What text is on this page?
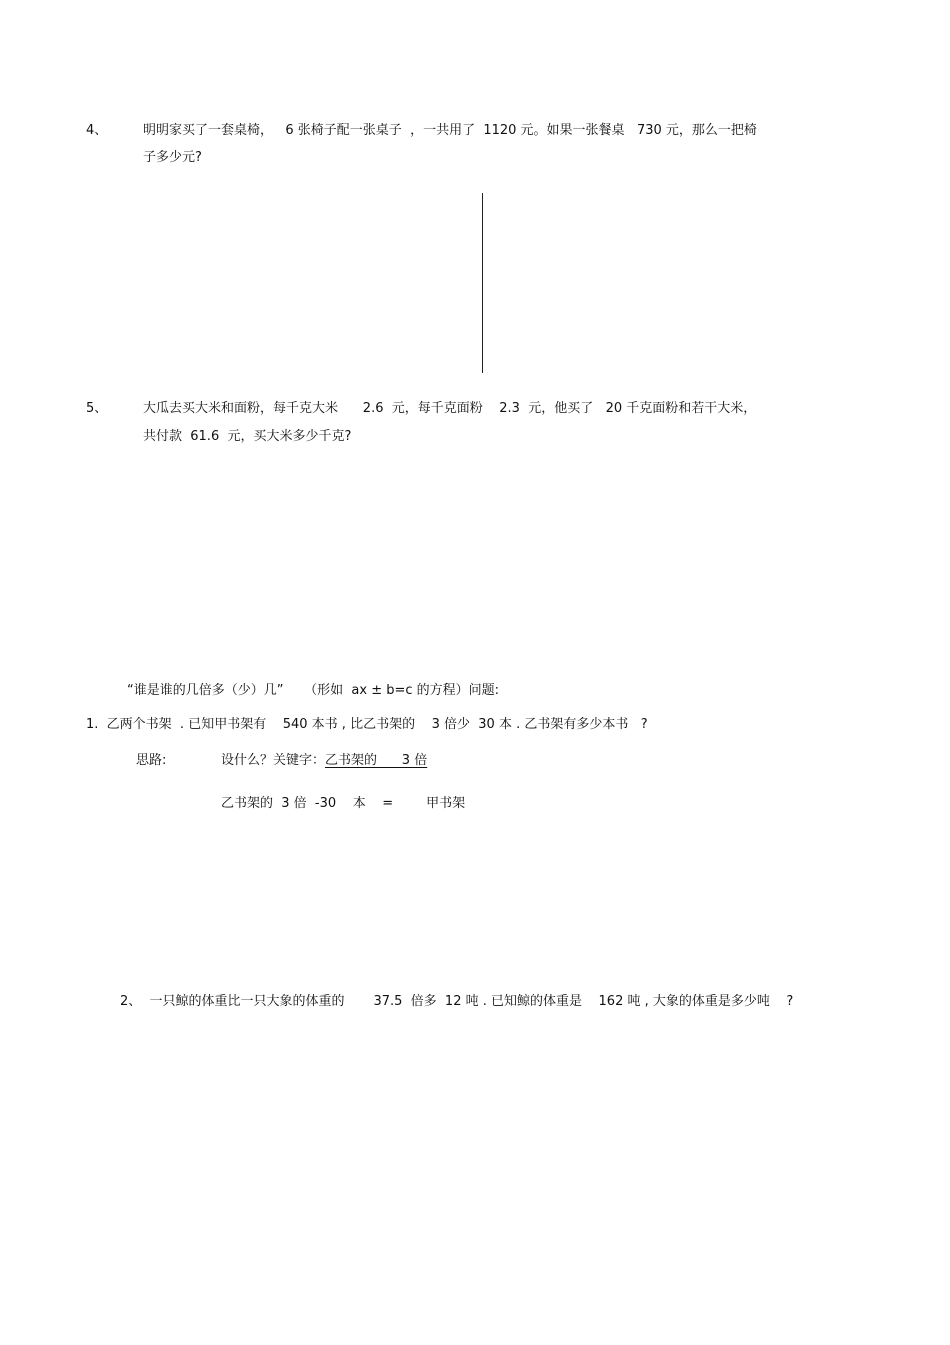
4、	明明家买了一套桌椅，   6 张椅子配一张桌子  ，一共用了  1120 元。如果一张餐桌   730 元，那么一把椅
子多少元?
5、	大瓜去买大米和面粉，每千克大米      2.6  元，每千克面粉    2.3  元，他买了   20 千克面粉和若干大米，
共付款  61.6  元，买大米多少千克?
“谁是谁的几倍多（少）几”     （形如  ax ± b=c 的方程）问题:
1.  乙两个书架  . 已知甲书架有    540 本书 , 比乙书架的    3 倍少  30 本 . 乙书架有多少本书   ?
思路:	设什么？关键字：乙书架的      3 倍
乙书架的  3 倍  -30    本    =        甲书架
2、  一只鲸的体重比一只大象的体重的       37.5  倍多  12 吨 . 已知鲸的体重是    162 吨 , 大象的体重是多少吨    ?
